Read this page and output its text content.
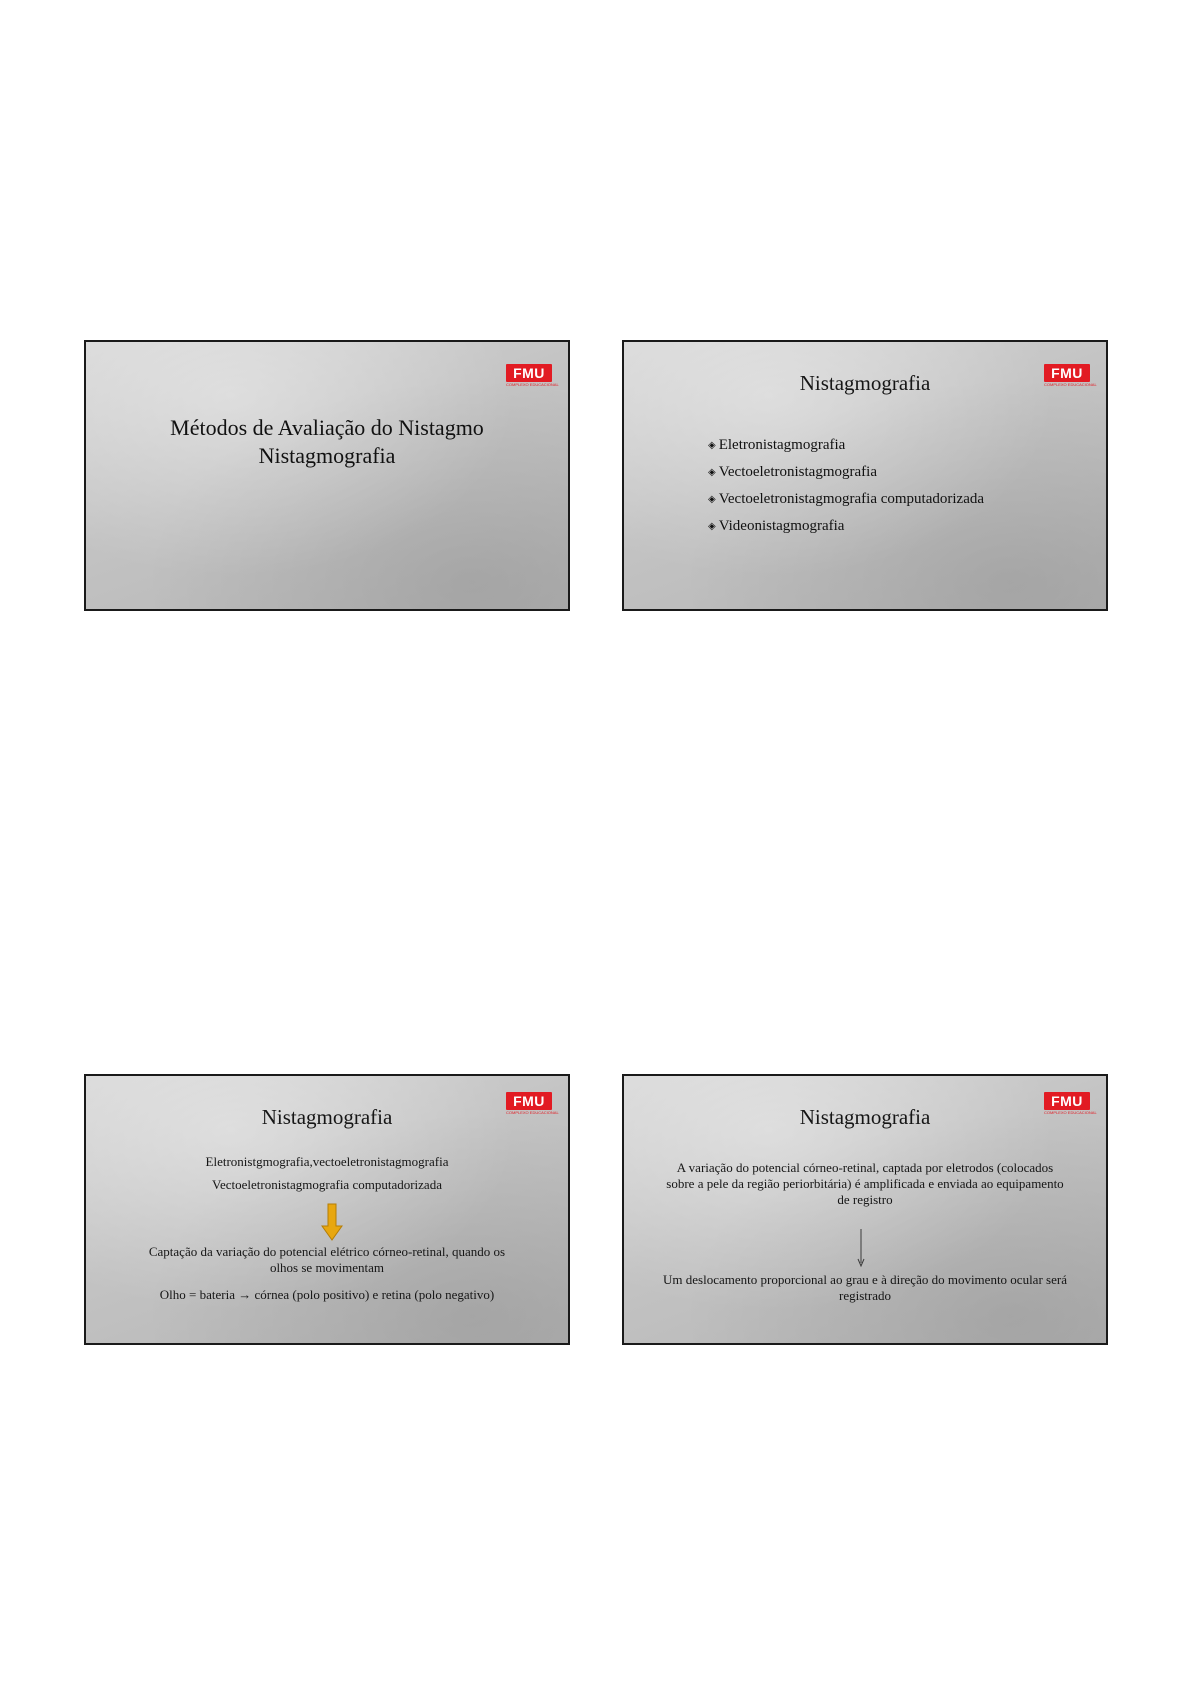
FMU
COMPLEXO EDUCACIONAL
Métodos de Avaliação do Nistagmo
Nistagmografia
FMU
COMPLEXO EDUCACIONAL
Nistagmografia
◈ Eletronistagmografia
◈ Vectoeletronistagmografia
◈ Vectoeletronistagmografia computadorizada
◈ Videonistagmografia
FMU
COMPLEXO EDUCACIONAL
Nistagmografia
Eletronistgmografia,vectoeletronistagmografia
Vectoeletronistagmografia computadorizada
Captação da variação do potencial elétrico córneo-retinal, quando os olhos se movimentam
Olho = bateria → córnea (polo positivo) e retina (polo negativo)
FMU
COMPLEXO EDUCACIONAL
Nistagmografia
A variação do potencial córneo-retinal, captada por eletrodos (colocados sobre a pele da região periorbitária) é amplificada e enviada ao equipamento de registro
Um deslocamento proporcional ao grau e à direção do movimento ocular será registrado
